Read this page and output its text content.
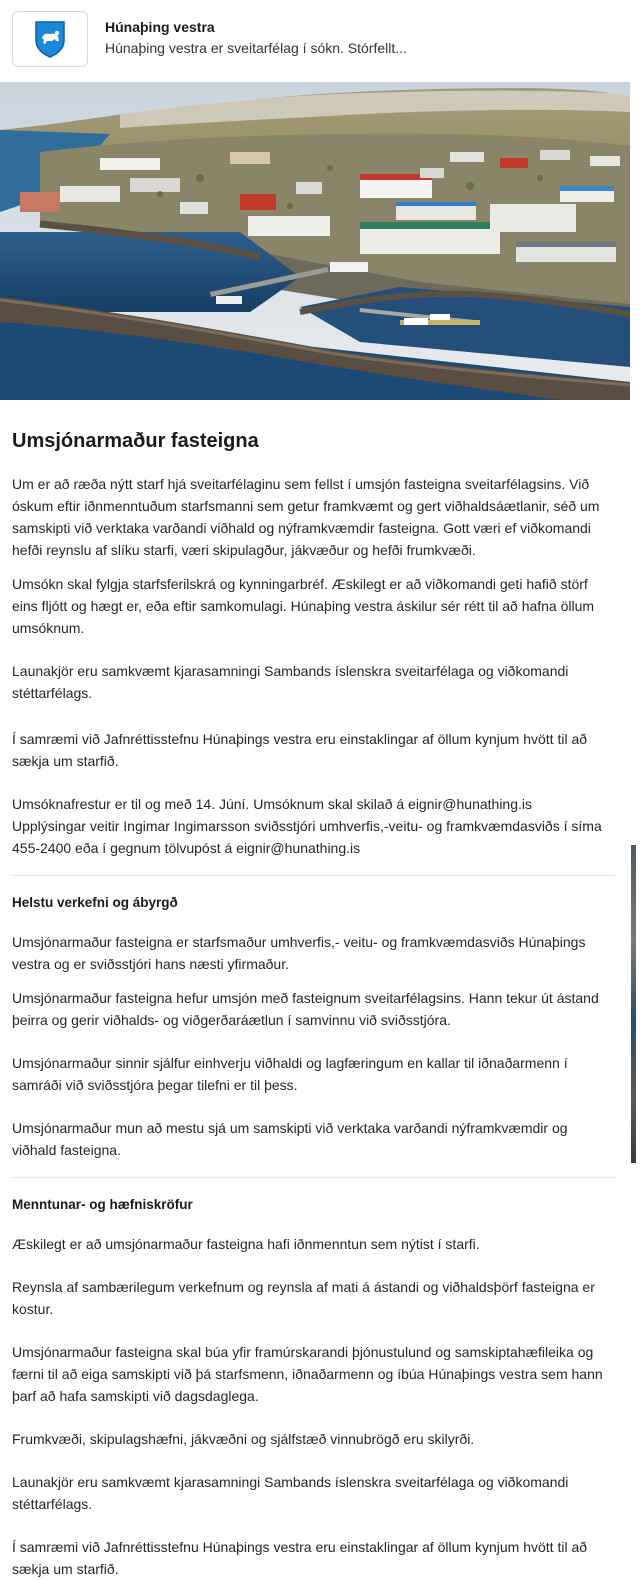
Húnaþing vestra
Húnaþing vestra er sveitarfélag í sókn. Stórfellt...
Umsjónarmaður fasteigna

Um er að ræða nýtt starf hjá sveitarfélaginu sem fellst í umsjón fasteigna sveitarfélagsins. Við óskum eftir iðnmenntuðum starfsmanni sem getur framkvæmt og gert viðhaldsáætlanir, séð um samskipti við verktaka varðandi viðhald og nýframkvæmdir fasteigna. Gott væri ef viðkomandi hefði reynslu af slíku starfi, væri skipulagður, jákvæður og hefði frumkvæði.

Umsókn skal fylgja starfsferilskrá og kynningarbréf. Æskilegt er að viðkomandi geti hafið störf eins fljótt og hægt er, eða eftir samkomulagi. Húnaþing vestra áskilur sér rétt til að hafna öllum umsóknum.

Launakjör eru samkvæmt kjarasamningi Sambands íslenskra sveitarfélaga og viðkomandi stéttarfélags.

Í samræmi við Jafnréttisstefnu Húnaþings vestra eru einstaklingar af öllum kynjum hvött til að sækja um starfið.

Umsóknafrestur er til og með 14. Júní. Umsóknum skal skilað á eignir@hunathing.is

Upplýsingar veitir Ingimar Ingimarsson sviðsstjóri umhverfis,-veitu- og framkvæmdasviðs í síma 455-2400 eða í gegnum tölvupóst á eignir@hunathing.is

Helstu verkefni og ábyrgð

Umsjónarmaður fasteigna er starfsmaður umhverfis,- veitu- og framkvæmdasviðs Húnaþings vestra og er sviðsstjóri hans næsti yfirmaður.

Umsjónarmaður fasteigna hefur umsjón með fasteignum sveitarfélagsins. Hann tekur út ástand þeirra og gerir viðhalds- og viðgerðaráætlun í samvinnu við sviðsstjóra.

Umsjónarmaður sinnir sjálfur einhverju viðhaldi og lagfæringum en kallar til iðnaðarmenn í samráði við sviðsstjóra þegar tilefni er til þess.

Umsjónarmaður mun að mestu sjá um samskipti við verktaka varðandi nýframkvæmdir og viðhald fasteigna.

Menntunar- og hæfniskröfur

Æskilegt er að umsjónarmaður fasteigna hafi iðnmenntun sem nýtist í starfi.

Reynsla af sambærilegum verkefnum og reynsla af mati á ástandi og viðhaldsþörf fasteigna er kostur.

Umsjónarmaður fasteigna skal búa yfir framúrskarandi þjónustulund og samskiptahæfileika og færni til að eiga samskipti við þá starfsmenn, iðnaðarmenn og íbúa Húnaþings vestra sem hann þarf að hafa samskipti við dagsdaglega.

Frumkvæði, skipulagshæfni, jákvæðni og sjálfstæð vinnubrögð eru skilyrði.

Launakjör eru samkvæmt kjarasamningi Sambands íslenskra sveitarfélaga og viðkomandi stéttarfélags.

Í samræmi við Jafnréttisstefnu Húnaþings vestra eru einstaklingar af öllum kynjum hvött til að sækja um starfið.
